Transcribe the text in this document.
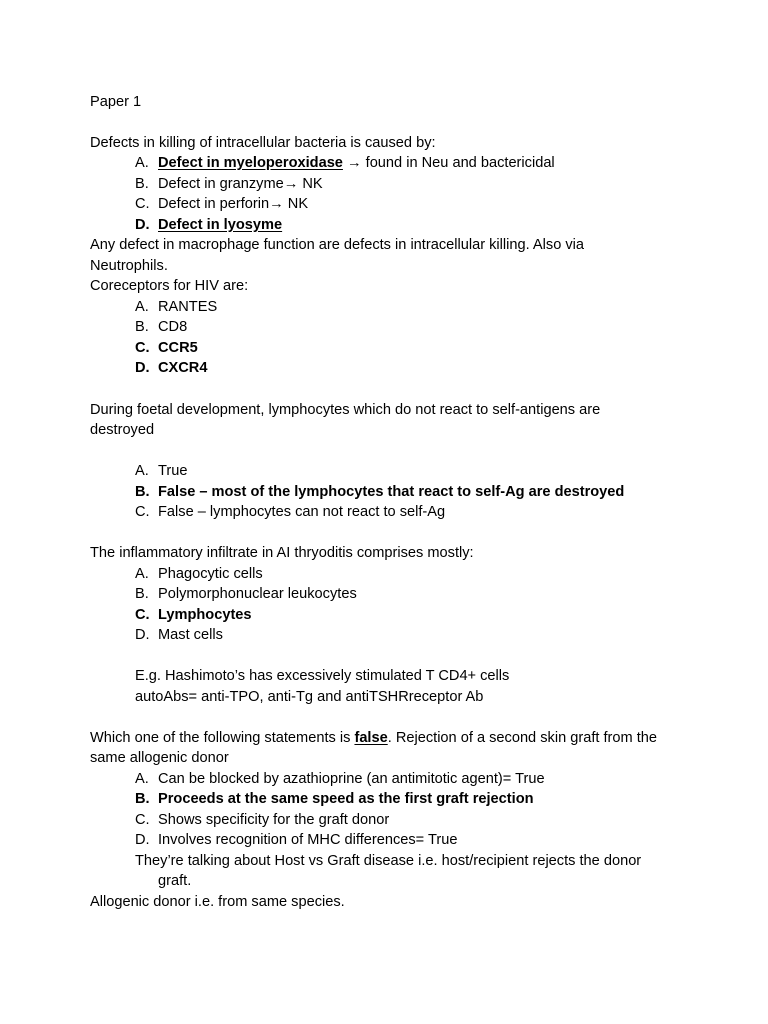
Paper 1
Defects in killing of intracellular bacteria is caused by:
A. Defect in myeloperoxidase → found in Neu and bactericidal
B. Defect in granzyme→ NK
C. Defect in perforin→ NK
D. Defect in lyosyme
Any defect in macrophage function are defects in intracellular killing. Also via
Neutrophils.
Coreceptors for HIV are:
A. RANTES
B. CD8
C. CCR5
D. CXCR4
During foetal development, lymphocytes which do not react to self-antigens are
destroyed
A. True
B. False – most of the lymphocytes that react to self-Ag are destroyed
C. False – lymphocytes can not react to self-Ag
The inflammatory infiltrate in AI thryoditis comprises mostly:
A. Phagocytic cells
B. Polymorphonuclear leukocytes
C. Lymphocytes
D. Mast cells
E.g. Hashimoto’s has excessively stimulated T CD4+ cells
autoAbs= anti-TPO, anti-Tg and antiTSHRreceptor Ab
Which one of the following statements is false. Rejection of a second skin graft from the
same allogenic donor
A. Can be blocked by azathioprine (an antimitotic agent)= True
B. Proceeds at the same speed as the first graft rejection
C. Shows specificity for the graft donor
D. Involves recognition of MHC differences= True
They’re talking about Host vs Graft disease i.e. host/recipient rejects the donor
graft.
Allogenic donor i.e. from same species.
